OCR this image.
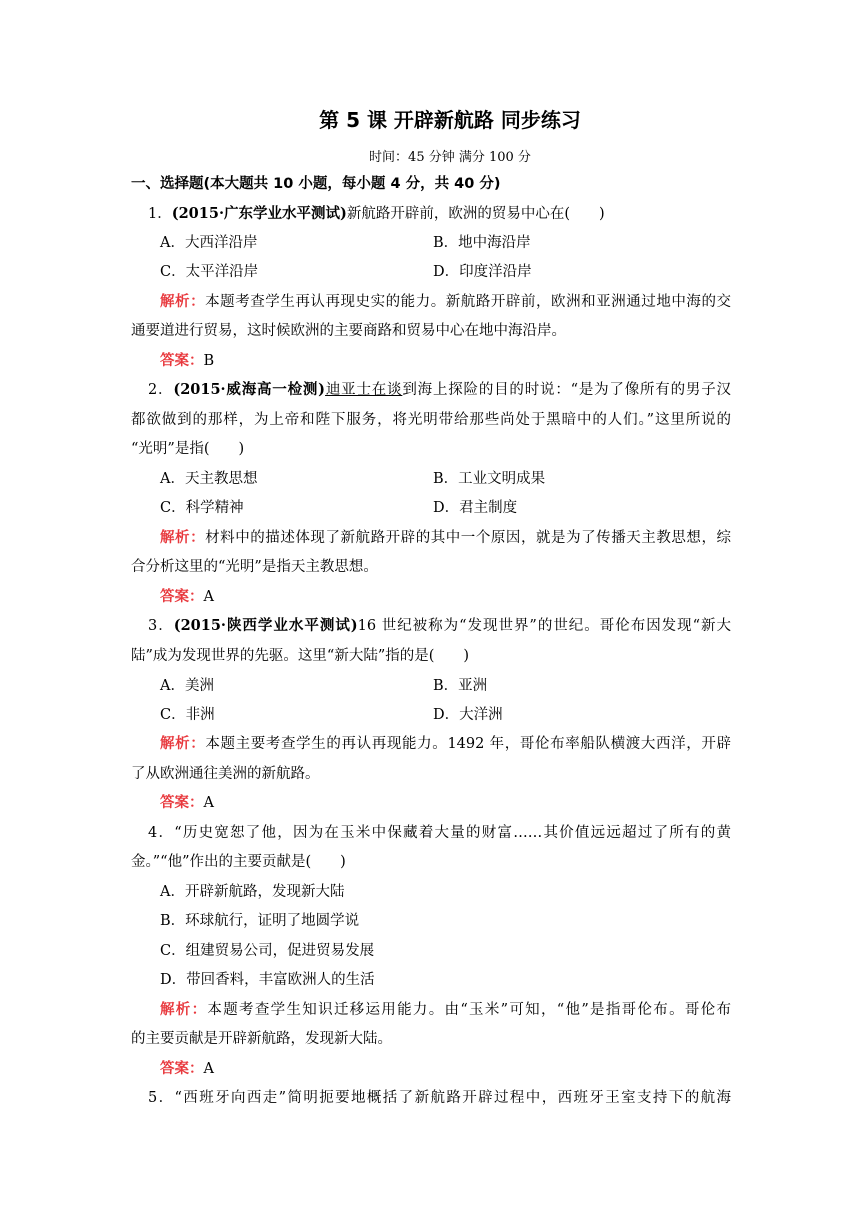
第 5 课 开辟新航路 同步练习
时间：45 分钟 满分 100 分
一、选择题(本大题共 10 小题，每小题 4 分，共 40 分)
1．(2015·广东学业水平测试)新航路开辟前，欧洲的贸易中心在(　　)
A．大西洋沿岸	B．地中海沿岸
C．太平洋沿岸	D．印度洋沿岸
解析：本题考查学生再认再现史实的能力。新航路开辟前，欧洲和亚洲通过地中海的交
通要道进行贸易，这时候欧洲的主要商路和贸易中心在地中海沿岸。
答案：B
2．(2015·威海高一检测)迪亚士在谈到海上探险的目的时说：“是为了像所有的男子汉
都欲做到的那样，为上帝和陛下服务，将光明带给那些尚处于黑暗中的人们。”这里所说的
“光明”是指(　　)
A．天主教思想	B．工业文明成果
C．科学精神	D．君主制度
解析：材料中的描述体现了新航路开辟的其中一个原因，就是为了传播天主教思想，综
合分析这里的“光明”是指天主教思想。
答案：A
3．(2015·陕西学业水平测试)16 世纪被称为“发现世界”的世纪。哥伦布因发现“新大
陆”成为发现世界的先驱。这里“新大陆”指的是(　　)
A．美洲	B．亚洲
C．非洲	D．大洋洲
解析：本题主要考查学生的再认再现能力。1492 年，哥伦布率船队横渡大西洋，开辟
了从欧洲通往美洲的新航路。
答案：A
4．“历史宽恕了他，因为在玉米中保藏着大量的财富……其价值远远超过了所有的黄
金。”“他”作出的主要贡献是(　　)
A．开辟新航路，发现新大陆
B．环球航行，证明了地圆学说
C．组建贸易公司，促进贸易发展
D．带回香料，丰富欧洲人的生活
解析：本题考查学生知识迁移运用能力。由“玉米”可知，“他”是指哥伦布。哥伦布
的主要贡献是开辟新航路，发现新大陆。
答案：A
5．“西班牙向西走”简明扼要地概括了新航路开辟过程中，西班牙王室支持下的航海
